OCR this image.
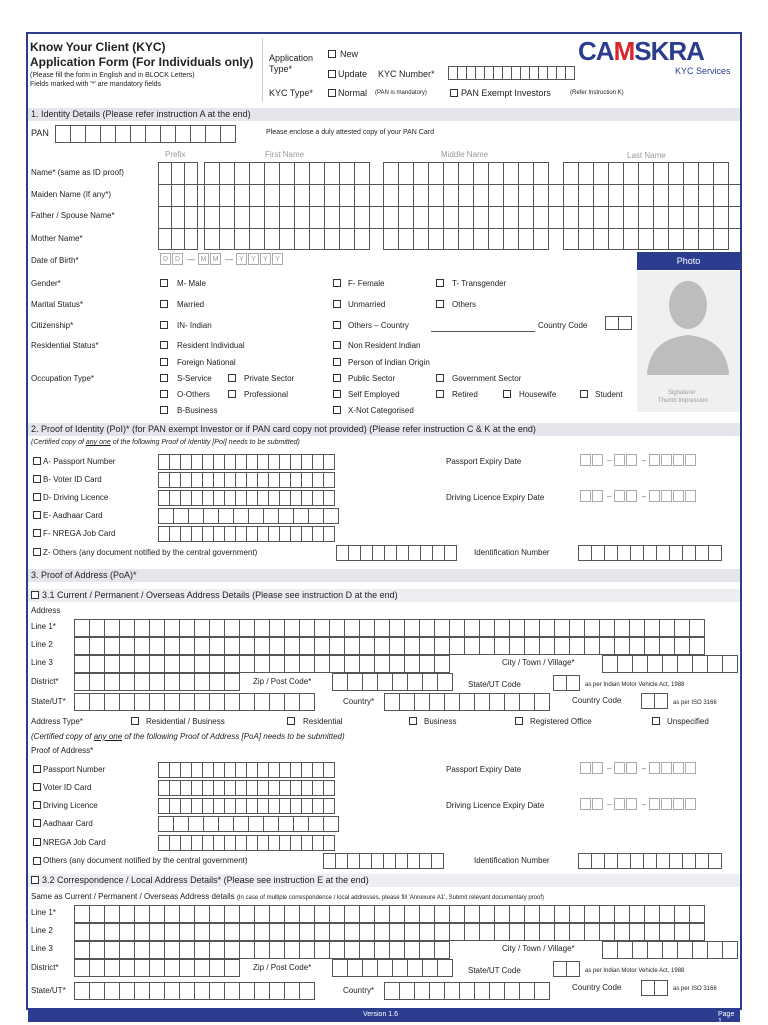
Know Your Client (KYC)
Application Form (For Individuals only)
(Please fill the form in English and in BLOCK Letters)
Fields marked with '*' are mandatory fields
Application
Type*
New
Update KYC Number*
KYC Type*	Normal (PAN is mandatory)	PAN Exempt Investors	(Refer Instruction K)
CAMSKRA
KYC Services
1. Identity Details (Please refer instruction A at the end)
PAN	Please enclose a duly attested copy of your PAN Card
Prefix	First Name	Middle Name	Last Name
Name* (same as ID proof)
Maiden Name (If any*)
Father / Spouse Name*
Mother Name*
Date of Birth*	D D — M M — Y	Y	Y	Y	Photo
Signature/
Thumb Impression
Gender*	M- Male	F- Female	T- Transgender
Marital Status*	Married	Unmarried	Others
Citizenship*	IN- Indian	Others – Country	Country Code
Residential Status*	Resident Individual	Non Resident Indian
Foreign National	Person of Indian Origin
Occupation Type*	S-Service	Private Sector	Public Sector	Government Sector
O-Others	Professional	Self Employed	Retired	Housewife	Student
B-Business	X-Not Categorised
2. Proof of Identity (PoI)* (for PAN exempt Investor or if PAN card copy not provided) (Please refer instruction C & K at the end)
(Certified copy of any one of the following Proof of Identity [PoI] needs to be submitted)
A- Passport Number	Passport Expiry Date	–	–
B- Voter ID Card
D- Driving Licence	Driving Licence Expiry Date	–	–
E- Aadhaar Card
F- NREGA Job Card
Z- Others (any document notified by the central government)	Identification Number
3. Proof of Address (PoA)*
3.1 Current / Permanent / Overseas Address Details (Please see instruction D at the end)
Address
Line 1*
Line 2
Line 3	City / Town / Village*
District*	Zip / Post Code*	State/UT Code	as per Indian Motor Vehicle Act, 1988
State/UT*	Country*	Country Code	as per ISO 3166
Address Type*	Residential / Business	Residential	Business	Registered Office	Unspecified
(Certified copy of any one of the following Proof of Address [PoA] needs to be submitted)
Proof of Address*
Passport Number	Passport Expiry Date	–	–
Voter ID Card
Driving Licence	Driving Licence Expiry Date	–	–
Aadhaar Card
NREGA Job Card
Others (any document notified by the central government)	Identification Number
3.2 Correspondence / Local Address Details* (Please see instruction E at the end)
Same as Current / Permanent / Overseas Address details (In case of multiple correspondence / local addresses, please fill 'Annexure A1', Submit relevant documentary proof)
Line 1*
Line 2
Line 3	City / Town / Village*
District*	Zip / Post Code*	State/UT Code	as per Indian Motor Vehicle Act, 1988
State/UT*	Country*	Country Code	as per ISO 3166
Version 1.6	Page 1
